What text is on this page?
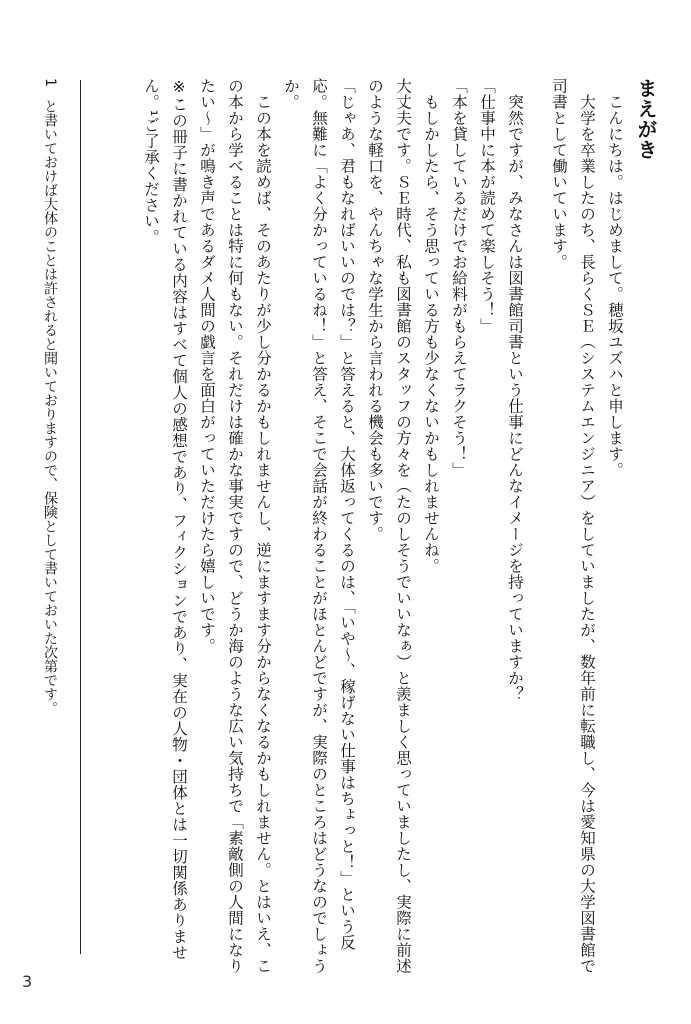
まえがき

こんにちは。はじめまして。穂坂ユズハと申します。

大学を卒業したのち、長らくＳＥ（システムエンジニア）をしていましたが、数年前に転職し、今は愛知県の大学図書館で司書として働いています。

突然ですが、みなさんは図書館司書という仕事にどんなイメージを持っていますか？

「仕事中に本が読めて楽しそう！」

「本を貸しているだけでお給料がもらえてラクそう！」

もしかしたら、そう思っている方も少なくないかもしれませんね。

大丈夫です。ＳＥ時代、私も図書館のスタッフの方々を（たのしそうでいいなぁ）と羨ましく思っていましたし、実際に前述のような軽口を、やんちゃな学生から言われる機会も多いです。

「じゃあ、君もなればいいのでは？」と答えると、大体返ってくるのは、「いや〜、稼げない仕事はちょっと！」という反応。無難に「よく分かっているね！」と答え、そこで会話が終わることがほとんどですが、実際のところはどうなのでしょうか。

この本を読めば、そのあたりが少し分かるかもしれませんし、逆にますます分からなくなるかもしれません。とはいえ、この本から学べることは特に何もない。それだけは確かな事実ですので、どうか海のような広い気持ちで「素敵側の人間になりたい〜」が鳴き声であるダメ人間の戯言を面白がっていただけたら嬉しいです。

※この冊子に書かれている内容はすべて個人の感想であり、フィクションであり、実在の人物・団体とは一切関係ありません。¹ご了承ください。

1 と書いておけば大体のことは許されると聞いておりますので、保険として書いておいた次第です。
3
